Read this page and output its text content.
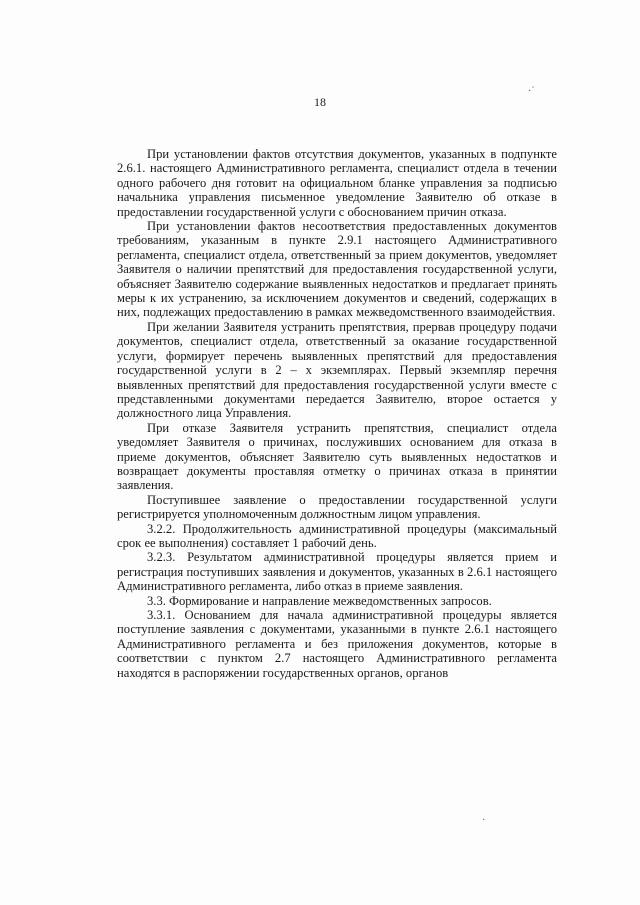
·´
18

При установлении фактов отсутствия документов, указанных в подпункте 2.6.1. настоящего Административного регламента, специалист отдела в течении одного рабочего дня готовит на официальном бланке управления за подписью начальника управления письменное уведомление Заявителю об отказе в предоставлении государственной услуги с обоснованием причин отказа.

При установлении фактов несоответствия предоставленных документов требованиям, указанным в пункте 2.9.1 настоящего Административного регламента, специалист отдела, ответственный за прием документов, уведомляет Заявителя о наличии препятствий для предоставления государственной услуги, объясняет Заявителю содержание выявленных недостатков и предлагает принять меры к их устранению, за исключением документов и сведений, содержащих в них, подлежащих предоставлению в рамках межведомственного взаимодействия.

При желании Заявителя устранить препятствия, прервав процедуру подачи документов, специалист отдела, ответственный за оказание государственной услуги, формирует перечень выявленных препятствий для предоставления государственной услуги в 2 – х экземплярах. Первый экземпляр перечня выявленных препятствий для предоставления государственной услуги вместе с представленными документами передается Заявителю, второе остается у должностного лица Управления.

При отказе Заявителя устранить препятствия, специалист отдела уведомляет Заявителя о причинах, послуживших основанием для отказа в приеме документов, объясняет Заявителю суть выявленных недостатков и возвращает документы проставляя отметку о причинах отказа в принятии заявления.

Поступившее заявление о предоставлении государственной услуги регистрируется уполномоченным должностным лицом управления.

3.2.2. Продолжительность административной процедуры (максимальный срок ее выполнения) составляет 1 рабочий день.

3.2.3. Результатом административной процедуры является прием и регистрация поступивших заявления и документов, указанных в 2.6.1 настоящего Административного регламента, либо отказ в приеме заявления.

3.3. Формирование и направление межведомственных запросов.

3.3.1. Основанием для начала административной процедуры является поступление заявления с документами, указанными в пункте 2.6.1 настоящего Административного регламента и без приложения документов, которые в соответствии с пунктом 2.7 настоящего Административного регламента находятся в распоряжении государственных органов, органов

·
